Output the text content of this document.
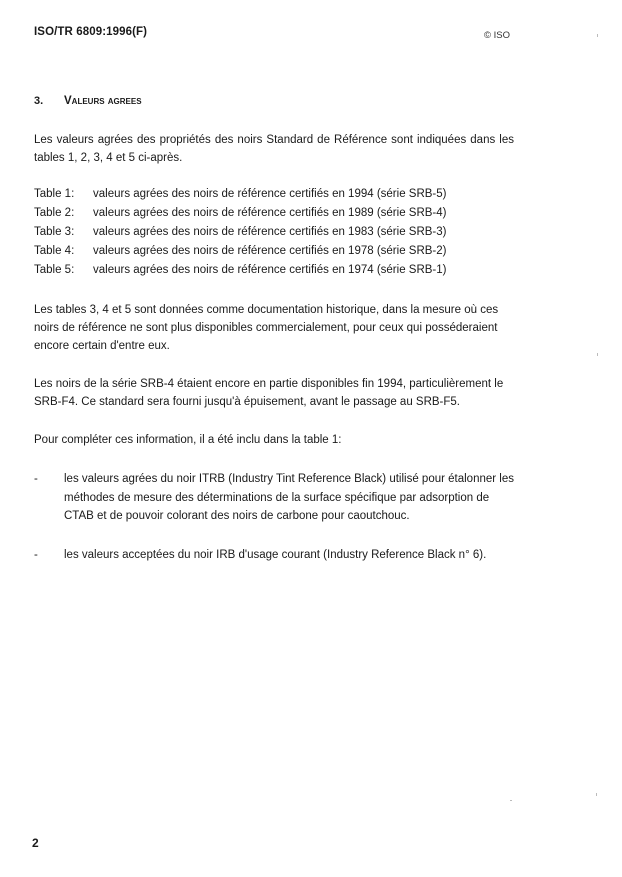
ISO/TR 6809:1996(F)	© ISO
3. Valeurs agrees
Les valeurs agrées des propriétés des noirs Standard de Référence sont indiquées dans les tables 1, 2, 3, 4 et 5 ci-après.
Table 1: valeurs agrées des noirs de référence certifiés en 1994 (série SRB-5)
Table 2: valeurs agrées des noirs de référence certifiés en 1989 (série SRB-4)
Table 3: valeurs agrées des noirs de référence certifiés en 1983 (série SRB-3)
Table 4: valeurs agrées des noirs de référence certifiés en 1978 (série SRB-2)
Table 5: valeurs agrées des noirs de référence certifiés en 1974 (série SRB-1)
Les tables 3, 4 et 5 sont données comme documentation historique, dans la mesure où ces noirs de référence ne sont plus disponibles commercialement, pour ceux qui posséderaient encore certain d'entre eux.
Les noirs de la série SRB-4 étaient encore en partie disponibles fin 1994, particulièrement le SRB-F4. Ce standard sera fourni jusqu'à épuisement, avant le passage au SRB-F5.
Pour compléter ces information, il a été inclu dans la table 1:
- les valeurs agrées du noir ITRB (Industry Tint Reference Black) utilisé pour étalonner les méthodes de mesure des déterminations de la surface spécifique par adsorption de CTAB et de pouvoir colorant des noirs de carbone pour caoutchouc.
- les valeurs acceptées du noir IRB d'usage courant (Industry Reference Black n° 6).
2
